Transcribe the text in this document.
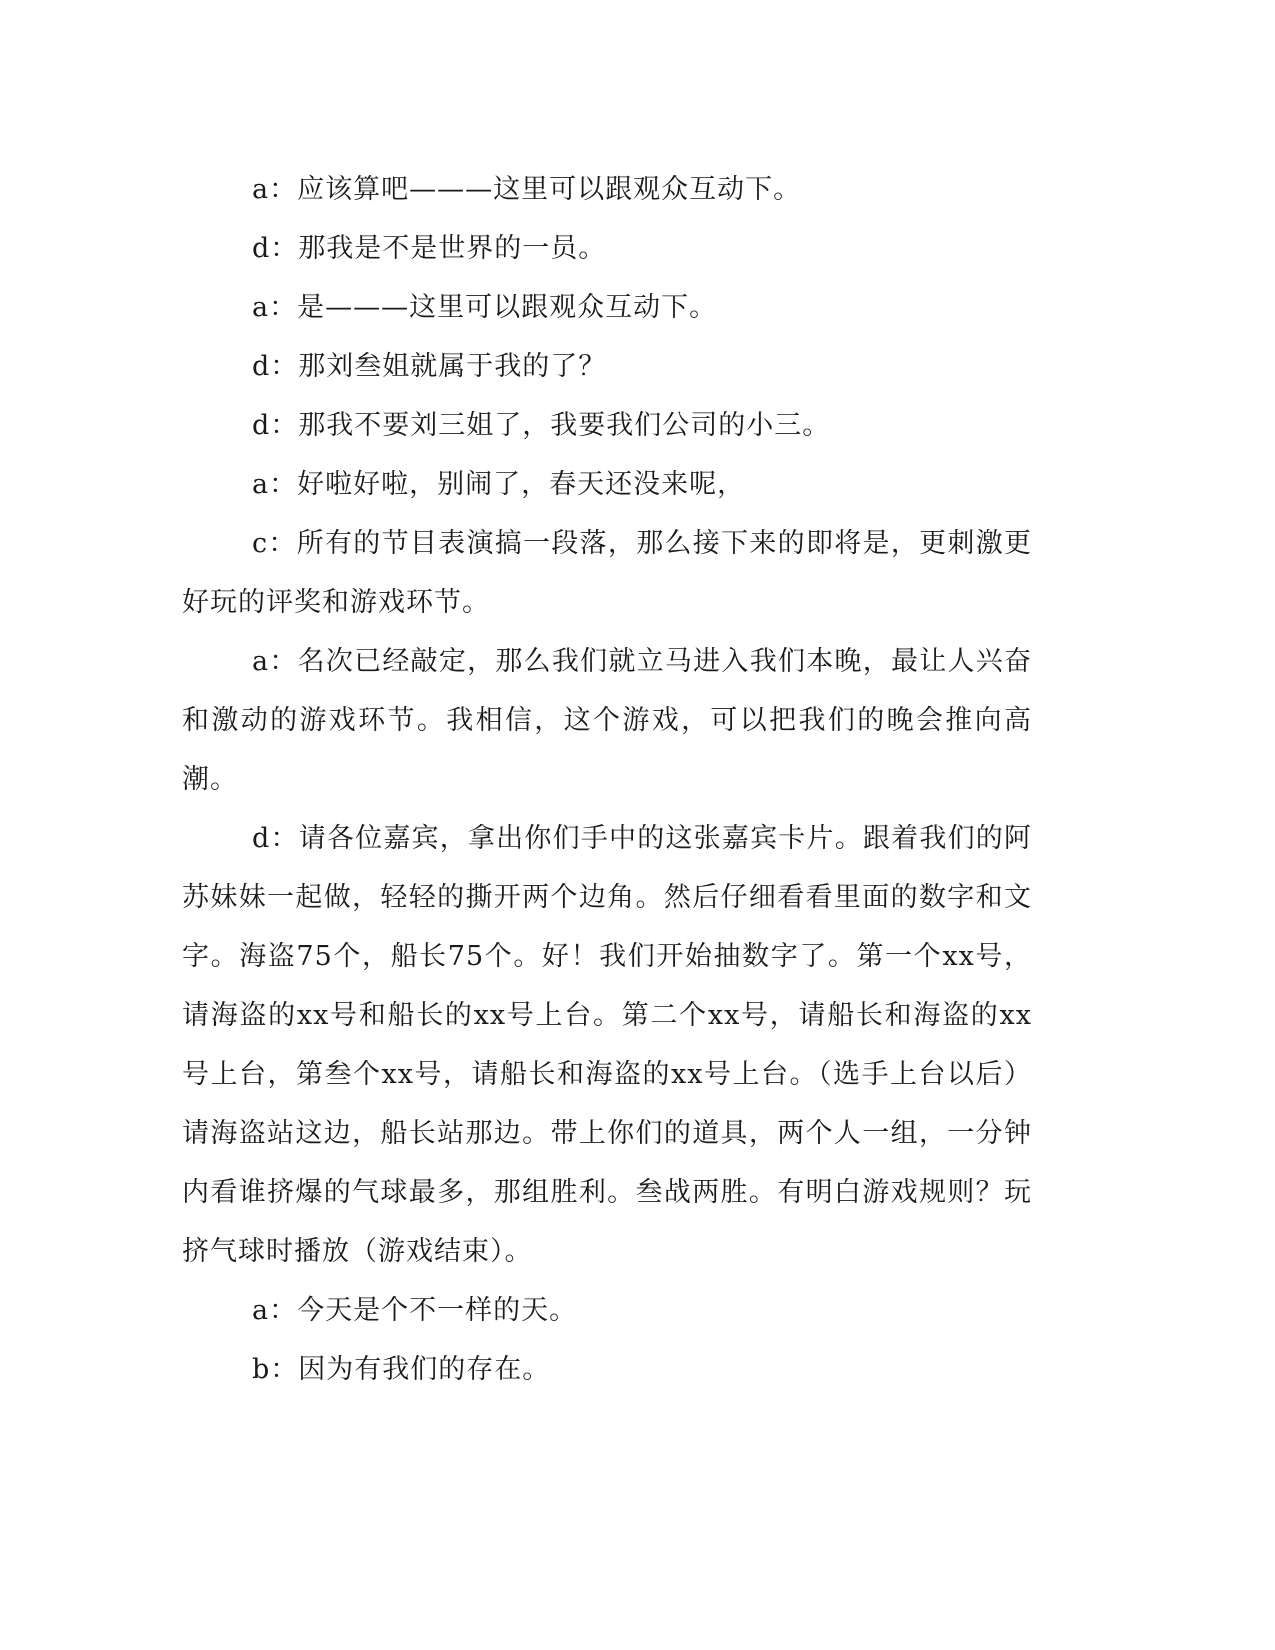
a：应该算吧———这里可以跟观众互动下。

d：那我是不是世界的一员。

a：是———这里可以跟观众互动下。

d：那刘叁姐就属于我的了？

d：那我不要刘三姐了，我要我们公司的小三。

a：好啦好啦，别闹了，春天还没来呢，

c：所有的节目表演搞一段落，那么接下来的即将是，更刺激更好玩的评奖和游戏环节。

a：名次已经敲定，那么我们就立马进入我们本晚，最让人兴奋和激动的游戏环节。我相信，这个游戏，可以把我们的晚会推向高潮。

d：请各位嘉宾，拿出你们手中的这张嘉宾卡片。跟着我们的阿苏妹妹一起做，轻轻的撕开两个边角。然后仔细看看里面的数字和文字。海盗75个，船长75个。好！我们开始抽数字了。第一个xx号，请海盗的xx号和船长的xx号上台。第二个xx号，请船长和海盗的xx号上台，第叁个xx号，请船长和海盗的xx号上台。（选手上台以后）请海盗站这边，船长站那边。带上你们的道具，两个人一组，一分钟内看谁挤爆的气球最多，那组胜利。叁战两胜。有明白游戏规则？玩挤气球时播放（游戏结束）。

a：今天是个不一样的天。

b：因为有我们的存在。
